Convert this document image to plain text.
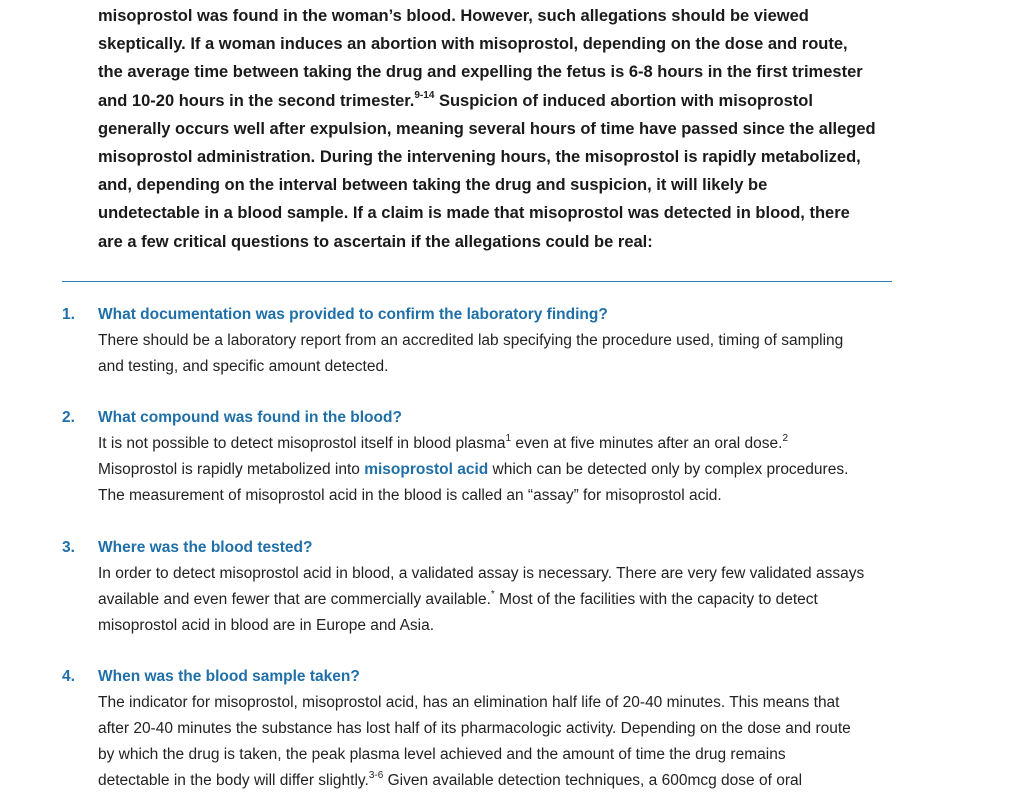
misoprostol was found in the woman’s blood. However, such allegations should be viewed
skeptically. If a woman induces an abortion with misoprostol, depending on the dose and route,
the average time between taking the drug and expelling the fetus is 6-8 hours in the first trimester
and 10-20 hours in the second trimester.$^{9-14}$ Suspicion of induced abortion with misoprostol
generally occurs well after expulsion, meaning several hours of time have passed since the alleged
misoprostol administration. During the intervening hours, the misoprostol is rapidly metabolized,
and, depending on the interval between taking the drug and suspicion, it will likely be
undetectable in a blood sample. If a claim is made that misoprostol was detected in blood, there
are a few critical questions to ascertain if the allegations could be real:
1. What documentation was provided to confirm the laboratory finding?
There should be a laboratory report from an accredited lab specifying the procedure used, timing of sampling
and testing, and specific amount detected.
2. What compound was found in the blood?
It is not possible to detect misoprostol itself in blood plasma$^1$ even at five minutes after an oral dose.$^2$
Misoprostol is rapidly metabolized into misoprostol acid which can be detected only by complex procedures.
The measurement of misoprostol acid in the blood is called an “assay” for misoprostol acid.
3. Where was the blood tested?
In order to detect misoprostol acid in blood, a validated assay is necessary. There are very few validated assays
available and even fewer that are commercially available.* Most of the facilities with the capacity to detect
misoprostol acid in blood are in Europe and Asia.
4. When was the blood sample taken?
The indicator for misoprostol, misoprostol acid, has an elimination half life of 20-40 minutes. This means that
after 20-40 minutes the substance has lost half of its pharmacologic activity. Depending on the dose and route
by which the drug is taken, the peak plasma level achieved and the amount of time the drug remains
detectable in the body will differ slightly.$^{3-6}$ Given available detection techniques, a 600mcg dose of oral
